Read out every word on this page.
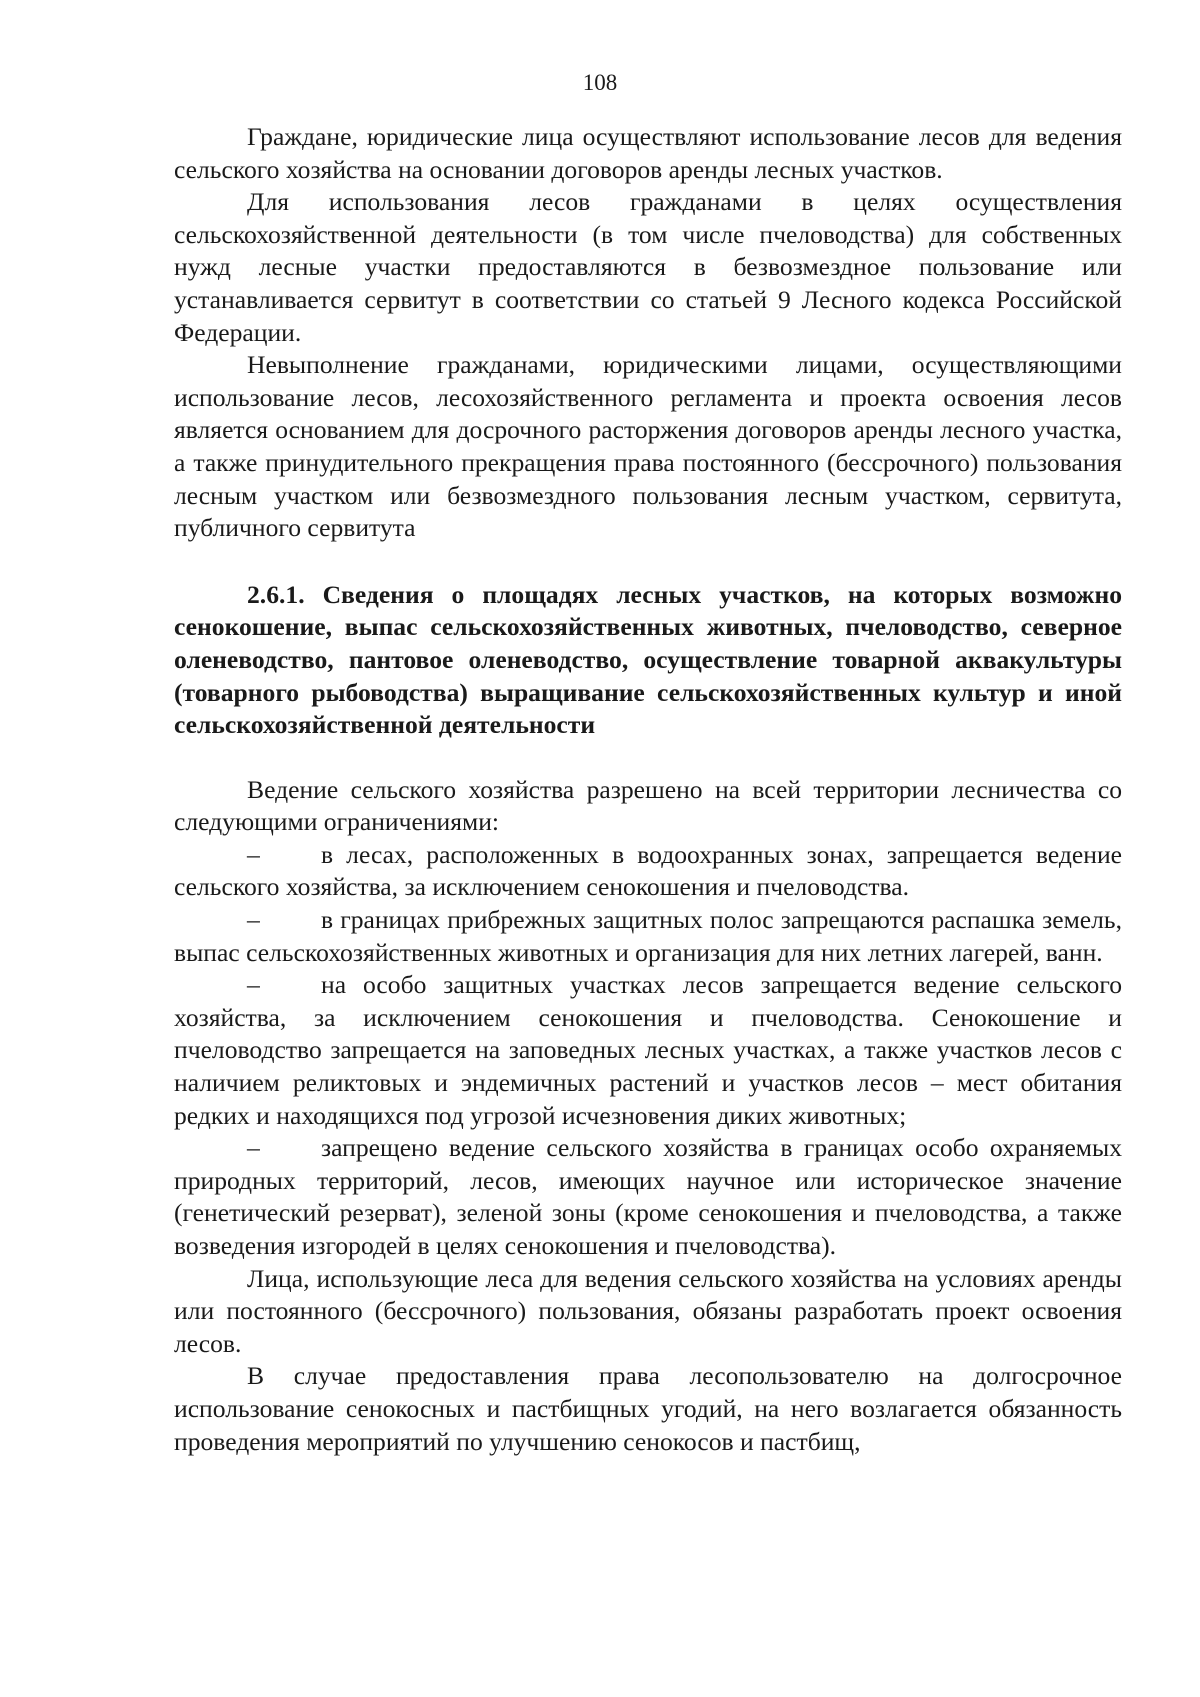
108

Граждане, юридические лица осуществляют использование лесов для ведения сельского хозяйства на основании договоров аренды лесных участков.

Для использования лесов гражданами в целях осуществления сельскохозяйственной деятельности (в том числе пчеловодства) для собственных нужд лесные участки предоставляются в безвозмездное пользование или устанавливается сервитут в соответствии со статьей 9 Лесного кодекса Российской Федерации.

Невыполнение гражданами, юридическими лицами, осуществляющими использование лесов, лесохозяйственного регламента и проекта освоения лесов является основанием для досрочного расторжения договоров аренды лесного участка, а также принудительного прекращения права постоянного (бессрочного) пользования лесным участком или безвозмездного пользования лесным участком, сервитута, публичного сервитута

2.6.1. Сведения о площадях лесных участков, на которых возможно сенокошение, выпас сельскохозяйственных животных, пчеловодство, северное оленеводство, пантовое оленеводство, осуществление товарной аквакультуры (товарного рыбоводства) выращивание сельскохозяйственных культур и иной сельскохозяйственной деятельности

Ведение сельского хозяйства разрешено на всей территории лесничества со следующими ограничениями:

– в лесах, расположенных в водоохранных зонах, запрещается ведение сельского хозяйства, за исключением сенокошения и пчеловодства.

– в границах прибрежных защитных полос запрещаются распашка земель, выпас сельскохозяйственных животных и организация для них летних лагерей, ванн.

– на особо защитных участках лесов запрещается ведение сельского хозяйства, за исключением сенокошения и пчеловодства. Сенокошение и пчеловодство запрещается на заповедных лесных участках, а также участков лесов с наличием реликтовых и эндемичных растений и участков лесов – мест обитания редких и находящихся под угрозой исчезновения диких животных;

– запрещено ведение сельского хозяйства в границах особо охраняемых природных территорий, лесов, имеющих научное или историческое значение (генетический резерват), зеленой зоны (кроме сенокошения и пчеловодства, а также возведения изгородей в целях сенокошения и пчеловодства).

Лица, использующие леса для ведения сельского хозяйства на условиях аренды или постоянного (бессрочного) пользования, обязаны разработать проект освоения лесов.

В случае предоставления права лесопользователю на долгосрочное использование сенокосных и пастбищных угодий, на него возлагается обязанность проведения мероприятий по улучшению сенокосов и пастбищ,
